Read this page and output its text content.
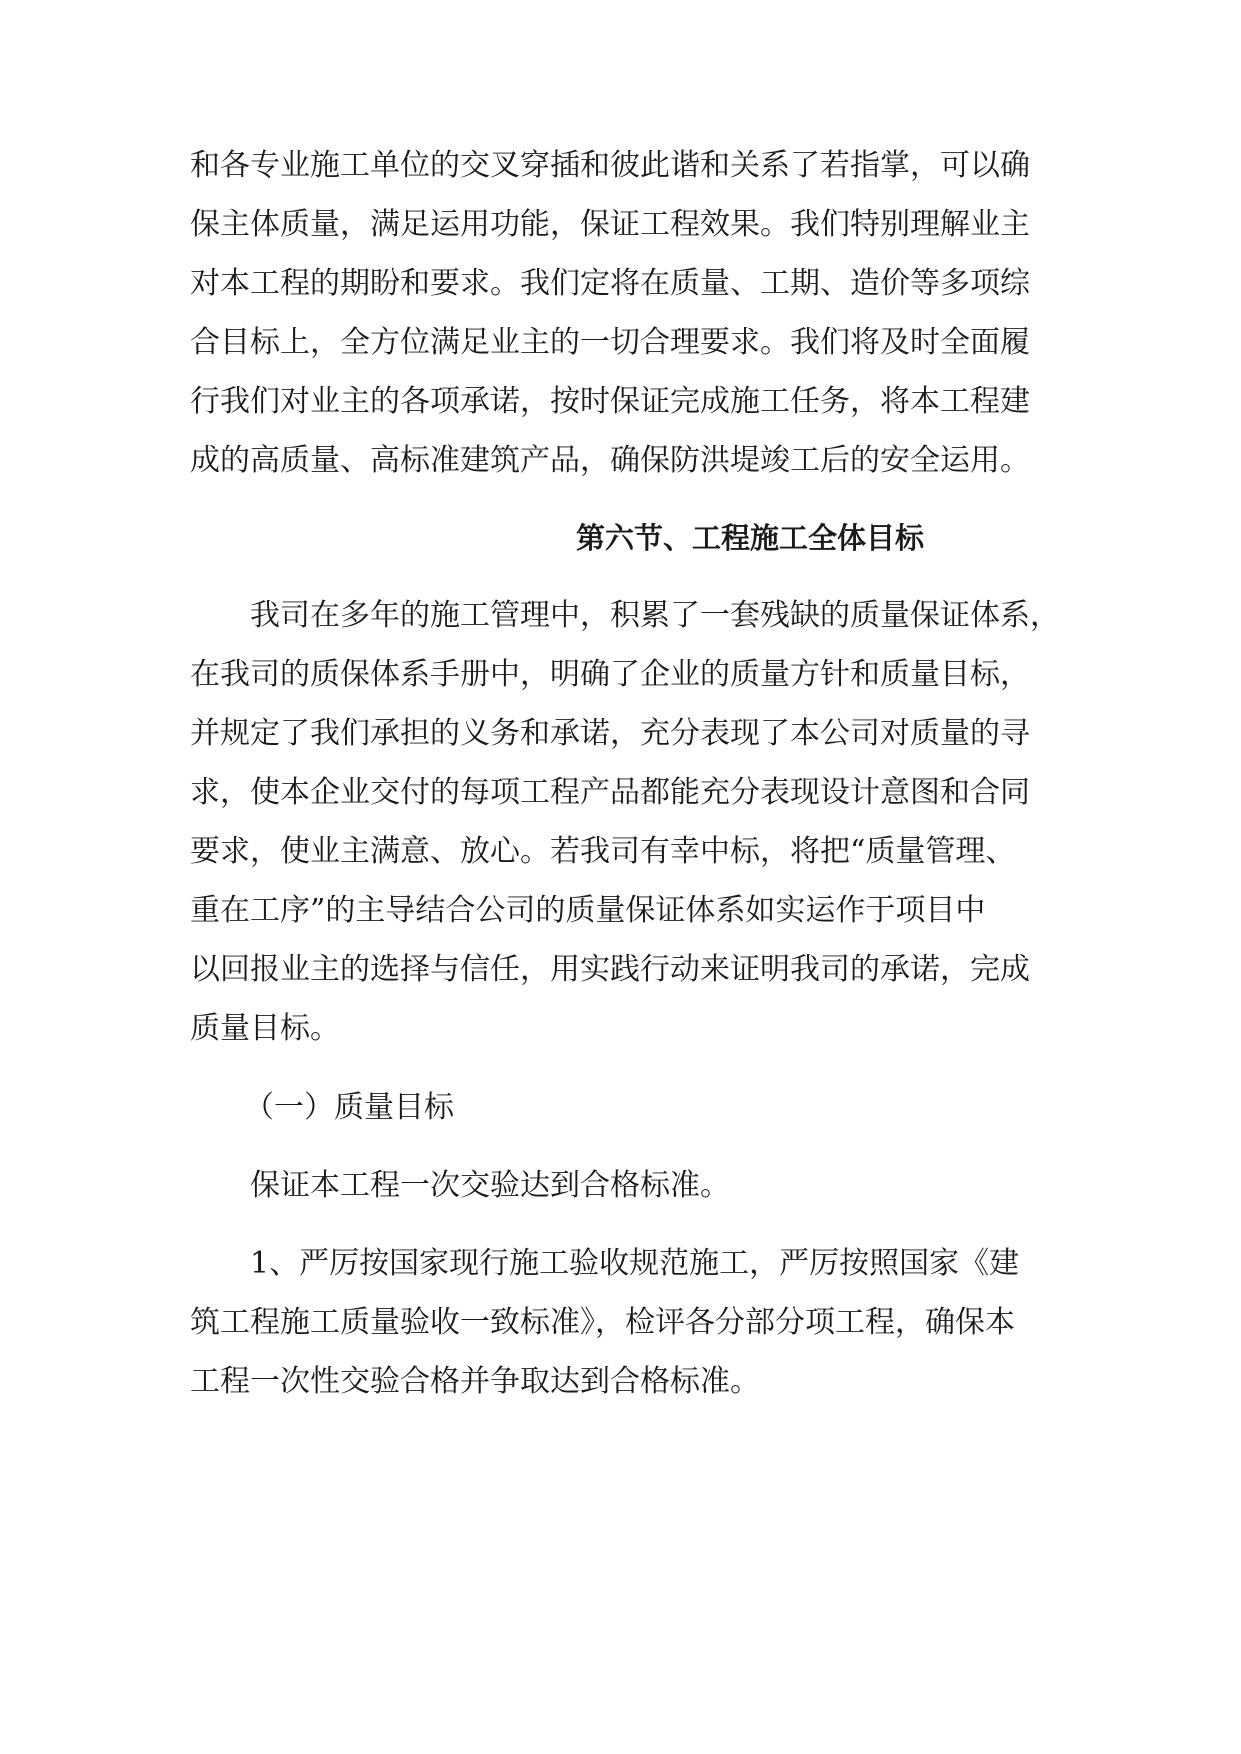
和各专业施工单位的交叉穿插和彼此谐和关系了若指掌，可以确
保主体质量，满足运用功能，保证工程效果。我们特别理解业主
对本工程的期盼和要求。我们定将在质量、工期、造价等多项综
合目标上，全方位满足业主的一切合理要求。我们将及时全面履
行我们对业主的各项承诺，按时保证完成施工任务，将本工程建
成的高质量、高标准建筑产品，确保防洪堤竣工后的安全运用。
第六节、工程施工全体目标
我司在多年的施工管理中，积累了一套残缺的质量保证体系，
在我司的质保体系手册中，明确了企业的质量方针和质量目标，
并规定了我们承担的义务和承诺，充分表现了本公司对质量的寻
求，使本企业交付的每项工程产品都能充分表现设计意图和合同
要求，使业主满意、放心。若我司有幸中标，将把“质量管理、
重在工序”的主导结合公司的质量保证体系如实运作于项目中
以回报业主的选择与信任，用实践行动来证明我司的承诺，完成
质量目标。
（一）质量目标
保证本工程一次交验达到合格标准。
1、严厉按国家现行施工验收规范施工，严厉按照国家《建
筑工程施工质量验收一致标准》，检评各分部分项工程，确保本
工程一次性交验合格并争取达到合格标准。
